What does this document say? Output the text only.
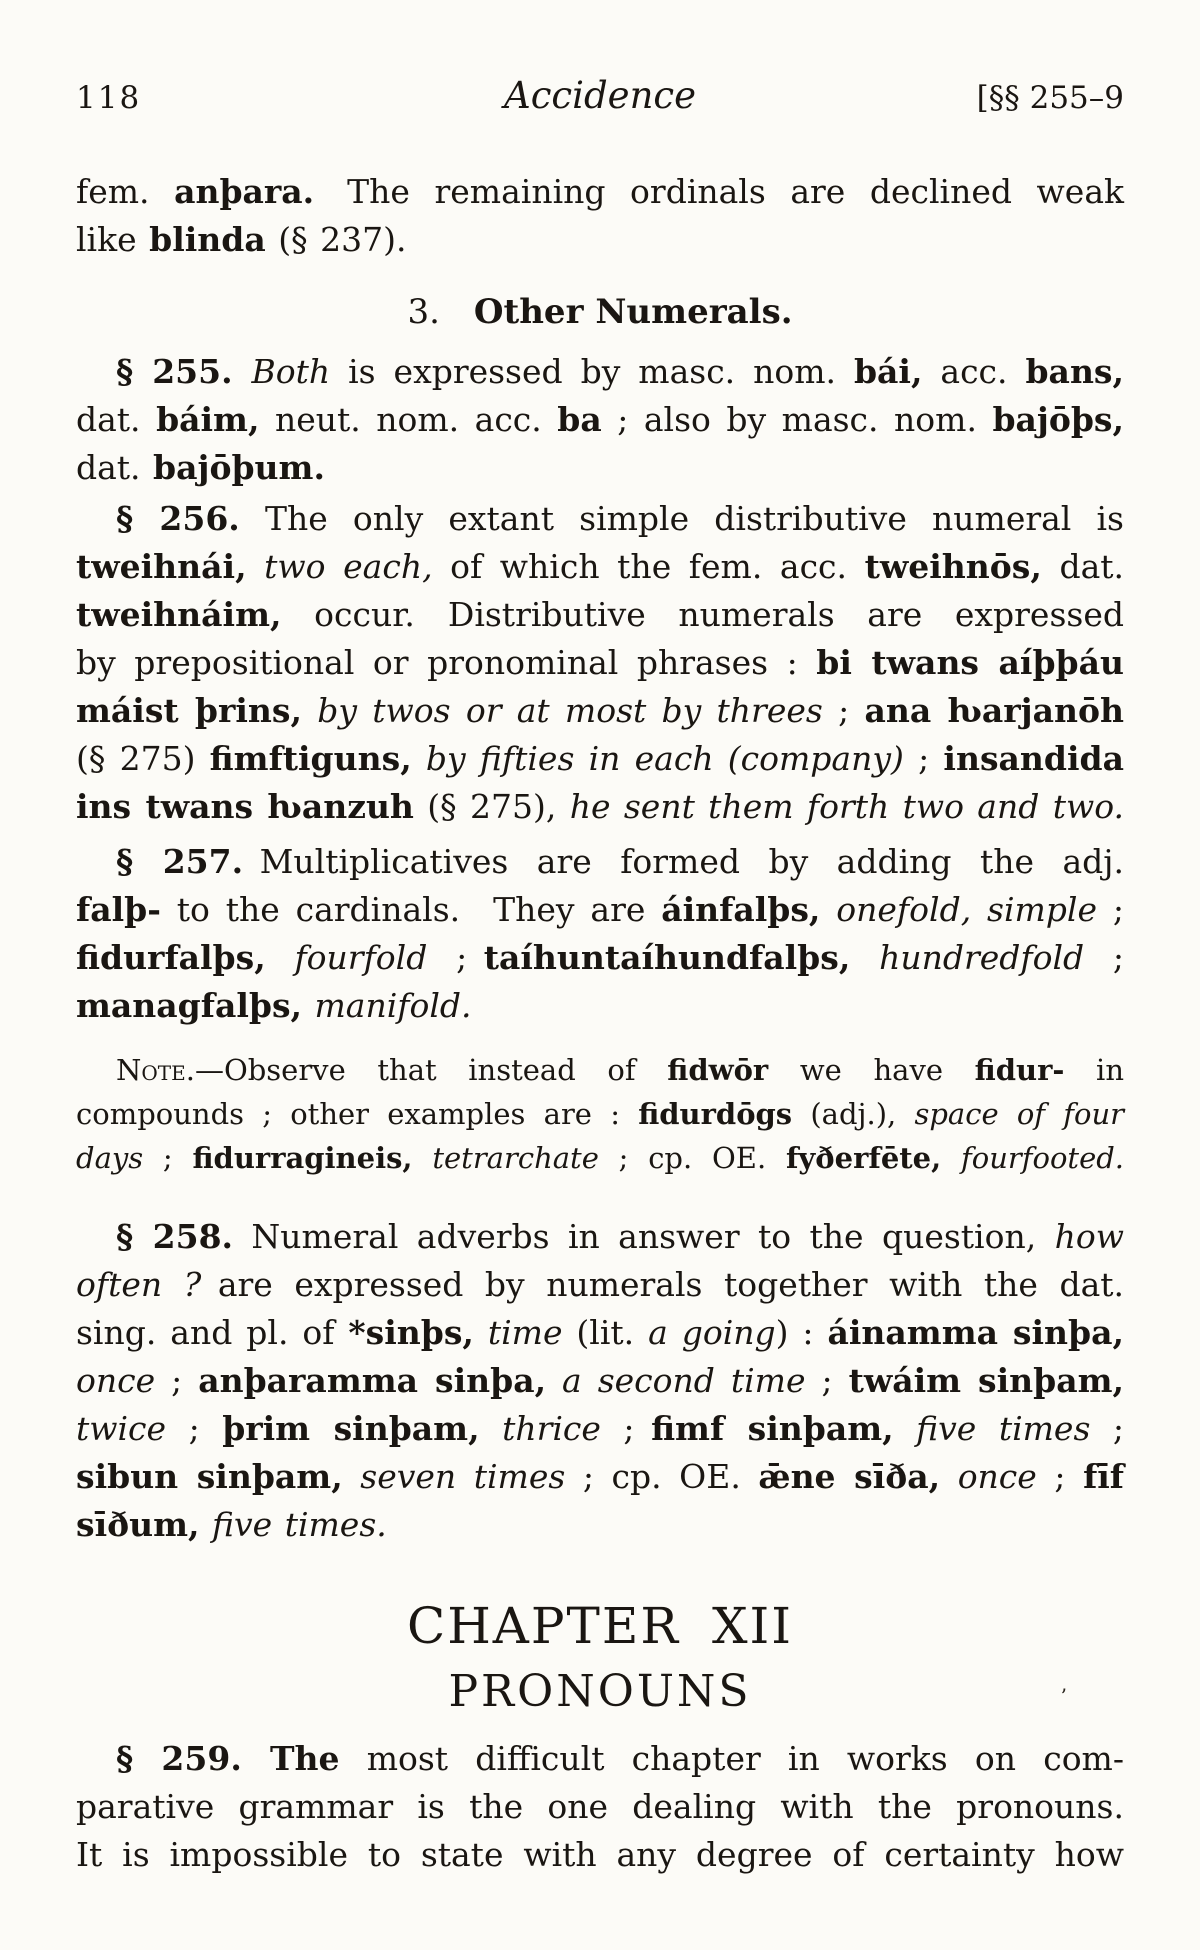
118	Accidence	[§§ 255–9
fem. anþara. The remaining ordinals are declined weak
like blinda (§ 237).
3. Other Numerals.
§ 255. Both is expressed by masc. nom. bái, acc. bans,
dat. báim, neut. nom. acc. ba ; also by masc. nom. bajōþs,
dat. bajōþum.
§ 256. The only extant simple distributive numeral is
tweihnái, two each, of which the fem. acc. tweihnōs, dat.
tweihnáim, occur. Distributive numerals are expressed
by prepositional or pronominal phrases : bi twans aíþþáu
máist þrins, by twos or at most by threes ; ana ƕarjanōh
(§ 275) fimftiguns, by fifties in each (company) ; insandida
ins twans ƕanzuh (§ 275), he sent them forth two and two.
§ 257. Multiplicatives are formed by adding the adj.
falþ- to the cardinals. They are áinfalþs, onefold, simple ;
fidurfalþs, fourfold ; taíhuntaíhundfalþs, hundredfold ;
managfalþs, manifold.
Note.—Observe that instead of fidwōr we have fidur- in
compounds ; other examples are : fidurdōgs (adj.), space of four
days ; fidurragineis, tetrarchate ; cp. OE. fyðerfēte, fourfooted.
§ 258. Numeral adverbs in answer to the question, how
often ? are expressed by numerals together with the dat.
sing. and pl. of *sinþs, time (lit. a going) : áinamma sinþa,
once ; anþaramma sinþa, a second time ; twáim sinþam,
twice ; þrim sinþam, thrice ; fimf sinþam, five times ;
sibun sinþam, seven times ; cp. OE. ǣne sīða, once ; fīf
sīðum, five times.
CHAPTER XII
PRONOUNS	ʼ
§ 259. The most difficult chapter in works on com-
parative grammar is the one dealing with the pronouns.
It is impossible to state with any degree of certainty how
